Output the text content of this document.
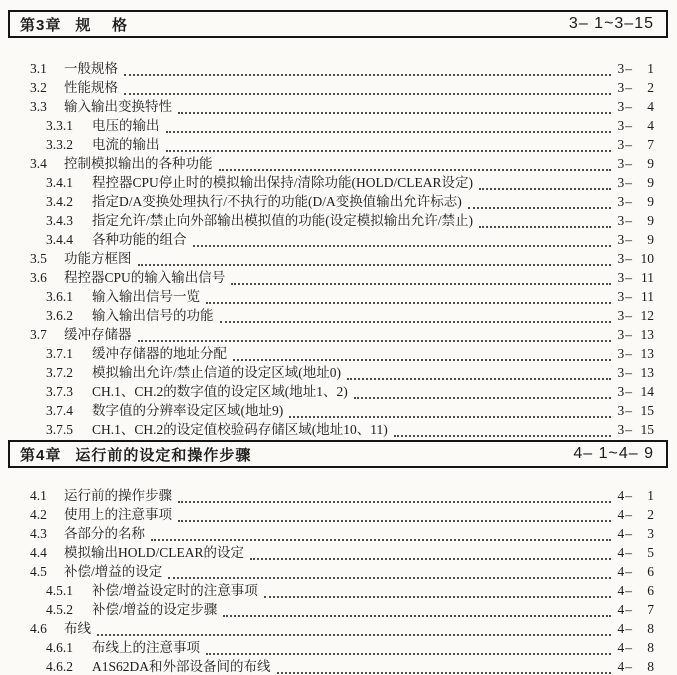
第3章 规    格	3– 1~3–15
3.1	一般规格	3 –	1
3.2	性能规格	3 –	2
3.3	输入输出变换特性	3 –	4
3.3.1	电压的输出	3 –	4
3.3.2	电流的输出	3 –	7
3.4	控制模拟输出的各种功能	3 –	9
3.4.1	程控器CPU停止时的模拟输出保持/清除功能(HOLD/CLEAR设定)	3 –	9
3.4.2	指定D/A变换处理执行/不执行的功能(D/A变换值输出允许标志)	3 –	9
3.4.3	指定允许/禁止向外部输出模拟值的功能(设定模拟输出允许/禁止)	3 –	9
3.4.4	各种功能的组合	3 –	9
3.5	功能方框图	3 – 10
3.6	程控器CPU的输入输出信号	3 – 11
3.6.1	输入输出信号一览	3 – 11
3.6.2	输入输出信号的功能	3 – 12
3.7	缓冲存储器	3 – 13
3.7.1	缓冲存储器的地址分配	3 – 13
3.7.2	模拟输出允许/禁止信道的设定区域(地址0)	3 – 13
3.7.3	CH.1、CH.2的数字值的设定区域(地址1、2)	3 – 14
3.7.4	数字值的分辨率设定区域(地址9)	3 – 15
3.7.5	CH.1、CH.2的设定值校验码存储区域(地址10、11)	3 – 15
第4章 运行前的设定和操作步骤	4– 1~4– 9
4.1	运行前的操作步骤	4 –	1
4.2	使用上的注意事项	4 –	2
4.3	各部分的名称	4 –	3
4.4	模拟输出HOLD/CLEAR的设定	4 –	5
4.5	补偿/增益的设定	4 –	6
4.5.1	补偿/增益设定时的注意事项	4 –	6
4.5.2	补偿/增益的设定步骤	4 –	7
4.6	布线	4 –	8
4.6.1	布线上的注意事项	4 –	8
4.6.2	A1S62DA和外部设备间的布线	4 –	8
